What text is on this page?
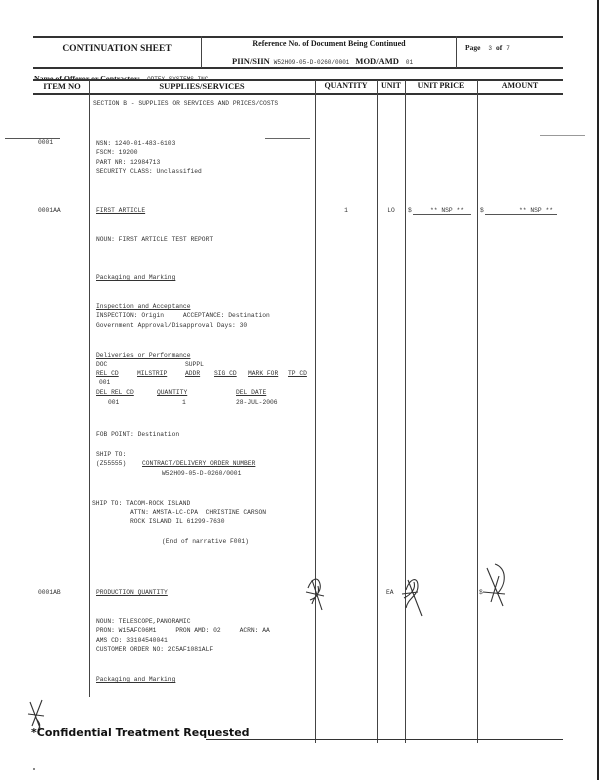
CONTINUATION SHEET
Reference No. of Document Being Continued
PIIN/SIIN W52H09-05-D-0260/0001 MOD/AMD 01
Page 3 of 7
Name of Offeror or Contractor: OPTEX SYSTEMS INC
ITEM NO	SUPPLIES/SERVICES	QUANTITY	UNIT	UNIT PRICE	AMOUNT
SECTION B - SUPPLIES OR SERVICES AND PRICES/COSTS
0001	NSN: 1240-01-483-6103
FSCM: 19200
PART NR: 12984713
SECURITY CLASS: Unclassified
0001AA	FIRST ARTICLE	1	LO	$	** NSP **	$	** NSP **
NOUN: FIRST ARTICLE TEST REPORT
Packaging and Marking
Inspection and Acceptance
INSPECTION: Origin     ACCEPTANCE: Destination
Government Approval/Disapproval Days: 30
Deliveries or Performance
DOC	SUPPL
REL CD	MILSTRIP	ADDR SIG CD MARK FOR TP CD
001
DEL REL CD	QUANTITY	DEL DATE
001	1	28-JUL-2006
FOB POINT: Destination
SHIP TO:
(Z55555)	CONTRACT/DELIVERY ORDER NUMBER
W52H09-05-D-0260/0001
SHIP TO: TACOM-ROCK ISLAND
ATTN: AMSTA-LC-CPA  CHRISTINE CARSON
ROCK ISLAND IL 61299-7630
(End of narrative F001)
0001AB	PRODUCTION QUANTITY	EA	$
NOUN: TELESCOPE,PANORAMIC
PRON: W15AFC06M1     PRON AMD: 02     ACRN: AA
AMS CD: 33104540041
CUSTOMER ORDER NO: 2C5AF1081ALF
Packaging and Marking
*Confidential Treatment Requested
